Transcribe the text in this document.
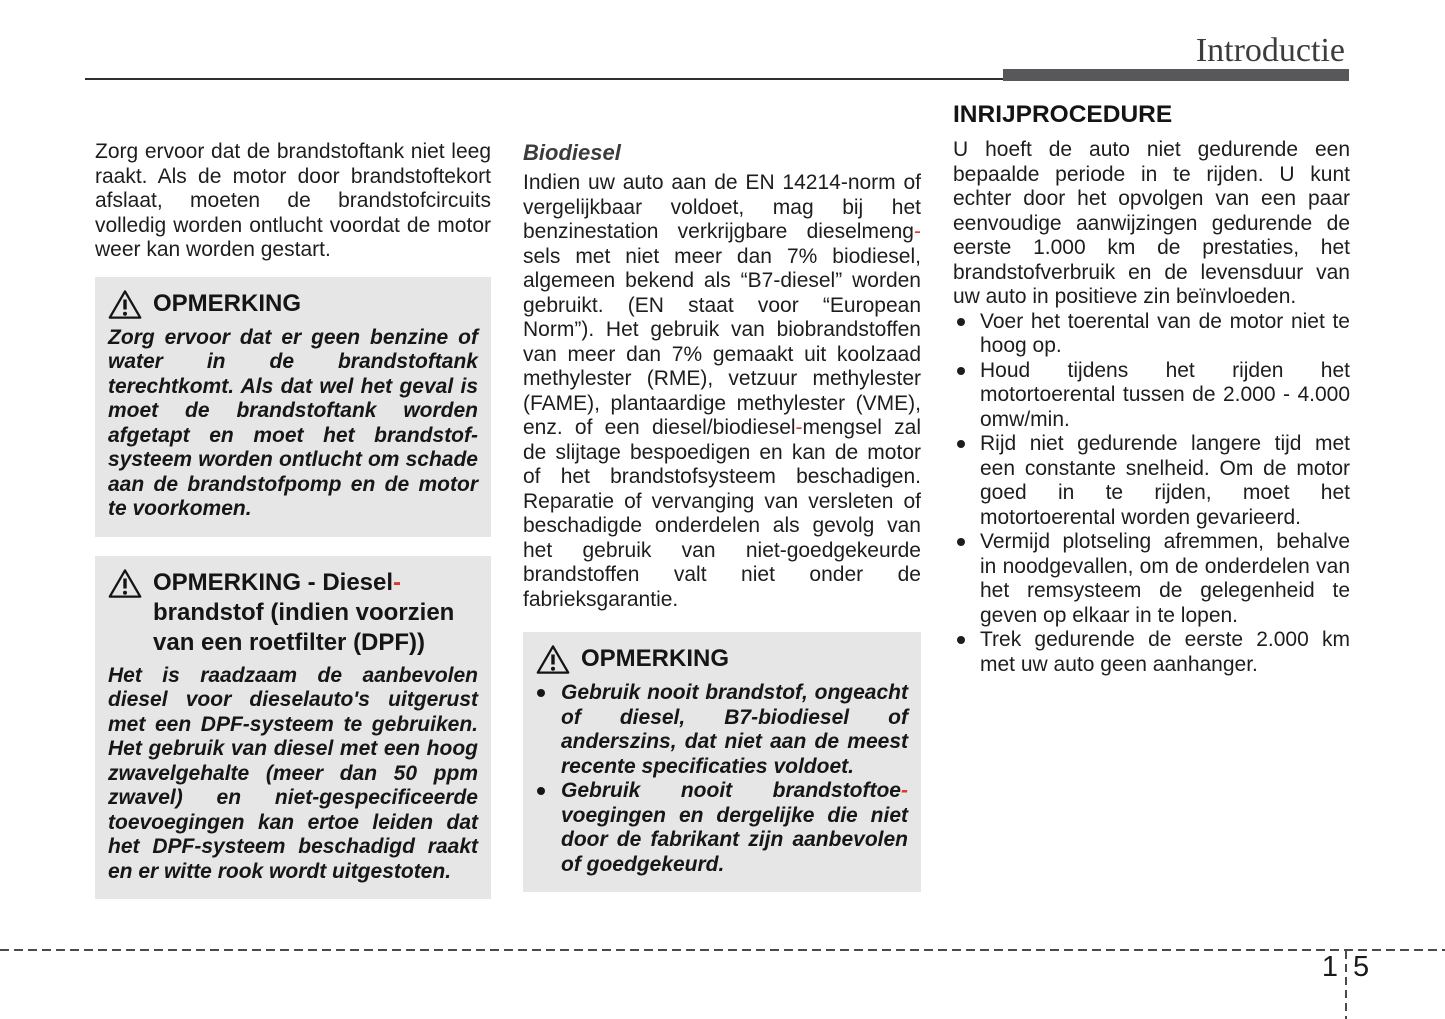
Introductie

Zorg ervoor dat de brandstoftank niet leeg raakt. Als de motor door brandstoftekort afslaat, moeten de brandstofcircuits volledig worden ontlucht voordat de motor weer kan worden gestart.

OPMERKING

Zorg ervoor dat er geen benzine of water in de brandstoftank terechtkomt. Als dat wel het geval is moet de brandstoftank worden afgetapt en moet het brandstof-systeem worden ontlucht om schade aan de brandstofpomp en de motor te voorkomen.

OPMERKING - Diesel-brandstof (indien voorzien van een roetfilter (DPF))

Het is raadzaam de aanbevolen diesel voor dieselauto's uitgerust met een DPF-systeem te gebruiken. Het gebruik van diesel met een hoog zwavelgehalte (meer dan 50 ppm zwavel) en niet-gespecificeerde toevoegingen kan ertoe leiden dat het DPF-systeem beschadigd raakt en er witte rook wordt uitgestoten.

Biodiesel

Indien uw auto aan de EN 14214-norm of vergelijkbaar voldoet, mag bij het benzinestation verkrijgbare dieselmeng-sels met niet meer dan 7% biodiesel, algemeen bekend als “B7-diesel” worden gebruikt. (EN staat voor “European Norm”). Het gebruik van biobrandstoffen van meer dan 7% gemaakt uit koolzaad methylester (RME), vetzuur methylester (FAME), plantaardige methylester (VME), enz. of een diesel/biodiesel-mengsel zal de slijtage bespoedigen en kan de motor of het brandstofsysteem beschadigen. Reparatie of vervanging van versleten of beschadigde onderdelen als gevolg van het gebruik van niet-goedgekeurde brandstoffen valt niet onder de fabrieksgarantie.

OPMERKING
Gebruik nooit brandstof, ongeacht of diesel, B7-biodiesel of anderszins, dat niet aan de meest recente specificaties voldoet.
Gebruik nooit brandstoftoe-voegingen en dergelijke die niet door de fabrikant zijn aanbevolen of goedgekeurd.
INRIJPROCEDURE

U hoeft de auto niet gedurende een bepaalde periode in te rijden. U kunt echter door het opvolgen van een paar eenvoudige aanwijzingen gedurende de eerste 1.000 km de prestaties, het brandstofverbruik en de levensduur van uw auto in positieve zin beïnvloeden.

Voer het toerental van de motor niet te hoog op.
Houd tijdens het rijden het motortoerental tussen de 2.000 - 4.000 omw/min.
Rijd niet gedurende langere tijd met een constante snelheid. Om de motor goed in te rijden, moet het motortoerental worden gevarieerd.
Vermijd plotseling afremmen, behalve in noodgevallen, om de onderdelen van het remsysteem de gelegenheid te geven op elkaar in te lopen.
Trek gedurende de eerste 2.000 km met uw auto geen aanhanger.
1 5
